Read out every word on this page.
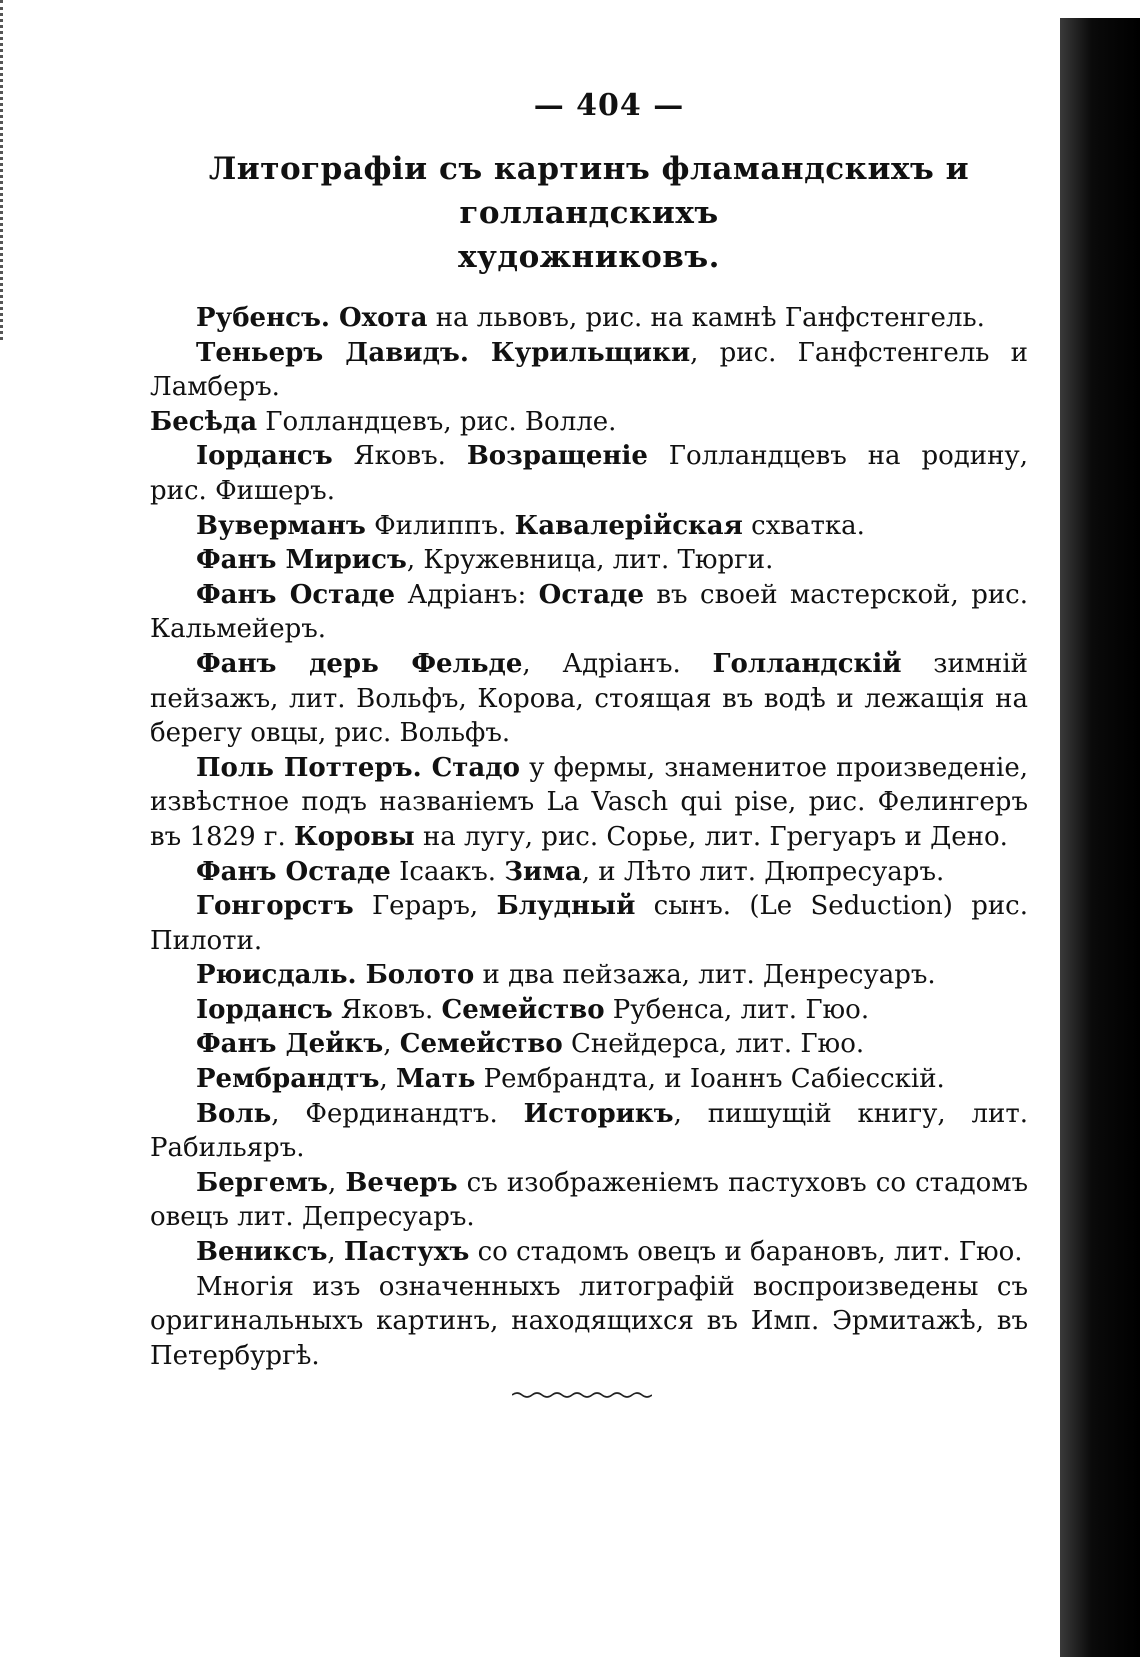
— 404 —
Литографіи съ картинъ фламандскихъ и голландскихъ
художниковъ.

Рубенсъ. Охота на львовъ, рис. на камнѣ Ганфстенгель.

Теньеръ Давидъ. Курильщики, рис. Ганфстенгель и Ламберъ.

Бесѣда Голландцевъ, рис. Волле.

Іордансъ Яковъ. Возращеніе Голландцевъ на родину, рис. Фишеръ.

Вуверманъ Филиппъ. Кавалерійская схватка.

Фанъ Мирисъ, Кружевница, лит. Тюрги.

Фанъ Остаде Адріанъ: Остаде въ своей мастерской, рис. Кальмейеръ.

Фанъ дерь Фельде, Адріанъ. Голландскій зимній пейзажъ, лит. Вольфъ, Корова, стоящая въ водѣ и лежащія на берегу овцы, рис. Вольфъ.

Поль Поттеръ. Стадо у фермы, знаменитое произведеніе, извѣстное подъ названіемъ La Vasch qui pise, рис. Фелингеръ въ 1829 г. Коровы на лугу, рис. Сорье, лит. Грегуаръ и Дено.

Фанъ Остаде Ісаакъ. Зима, и Лѣто лит. Дюпресуаръ.

Гонгорстъ Гераръ, Блудный сынъ. (Le Seduction) рис. Пилоти.

Рюисдаль. Болото и два пейзажа, лит. Денресуаръ.

Іордансъ Яковъ. Семейство Рубенса, лит. Гюо.

Фанъ Дейкъ, Семейство Снейдерса, лит. Гюо.

Рембрандтъ, Мать Рембрандта, и Іоаннъ Сабіесскій.

Воль, Фердинандтъ. Историкъ, пишущій книгу, лит. Рабильяръ.

Бергемъ, Вечеръ съ изображеніемъ пастуховъ со стадомъ овецъ лит. Депресуаръ.

Вениксъ, Пастухъ со стадомъ овецъ и барановъ, лит. Гюо.

Многія изъ означенныхъ литографій воспроизведены съ оригинальныхъ картинъ, находящихся въ Имп. Эрмитажѣ, въ Петербургѣ.
